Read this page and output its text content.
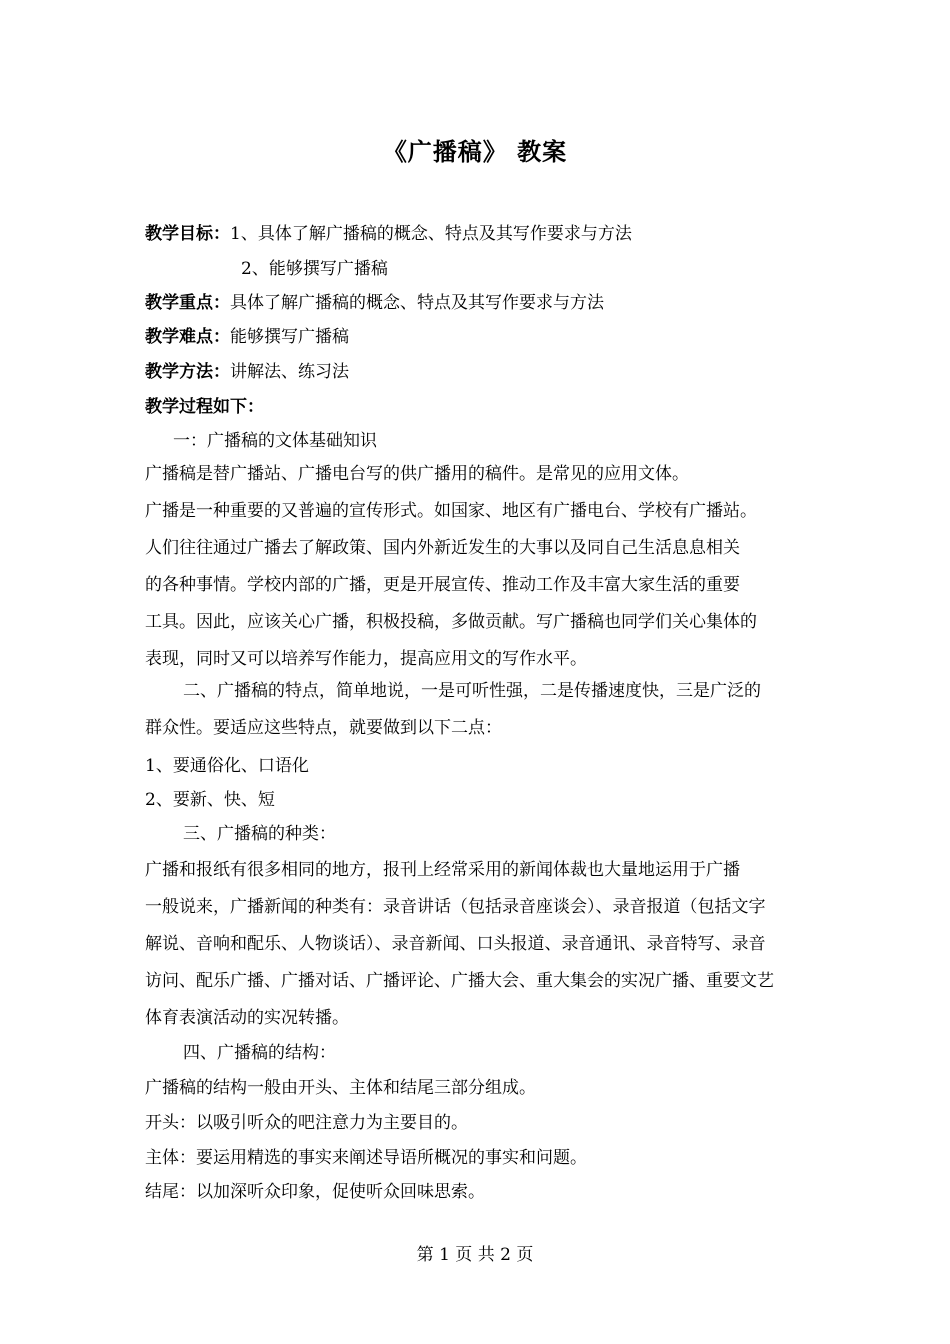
《广播稿》 教案
教学目标：1、具体了解广播稿的概念、特点及其写作要求与方法
2、能够撰写广播稿
教学重点：具体了解广播稿的概念、特点及其写作要求与方法
教学难点：能够撰写广播稿
教学方法：讲解法、练习法
教学过程如下：
一：广播稿的文体基础知识
广播稿是替广播站、广播电台写的供广播用的稿件。是常见的应用文体。
广播是一种重要的又普遍的宣传形式。如国家、地区有广播电台、学校有广播站。
人们往往通过广播去了解政策、国内外新近发生的大事以及同自己生活息息相关
的各种事情。学校内部的广播，更是开展宣传、推动工作及丰富大家生活的重要
工具。因此，应该关心广播，积极投稿，多做贡献。写广播稿也同学们关心集体的
表现，同时又可以培养写作能力，提高应用文的写作水平。
二、广播稿的特点，简单地说，一是可听性强，二是传播速度快，三是广泛的
群众性。要适应这些特点，就要做到以下二点：
1、要通俗化、口语化
2、要新、快、短
三、广播稿的种类：
广播和报纸有很多相同的地方，报刊上经常采用的新闻体裁也大量地运用于广播
一般说来，广播新闻的种类有：录音讲话（包括录音座谈会）、录音报道（包括文字
解说、音响和配乐、人物谈话）、录音新闻、口头报道、录音通讯、录音特写、录音
访问、配乐广播、广播对话、广播评论、广播大会、重大集会的实况广播、重要文艺
体育表演活动的实况转播。
四、广播稿的结构：
广播稿的结构一般由开头、主体和结尾三部分组成。
开头：以吸引听众的吧注意力为主要目的。
主体：要运用精选的事实来阐述导语所概况的事实和问题。
结尾：以加深听众印象，促使听众回味思索。
第 1 页 共 2 页
